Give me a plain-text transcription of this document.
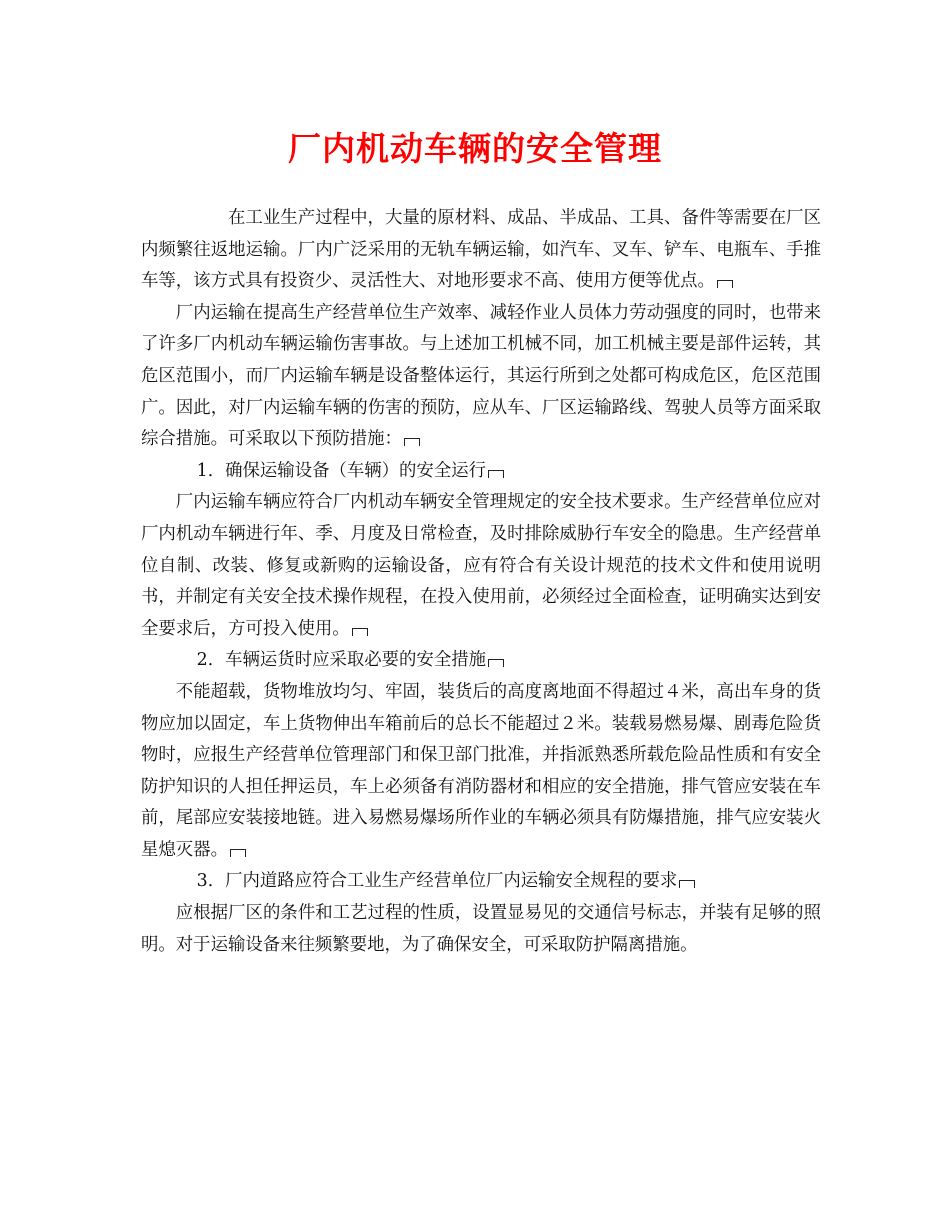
厂内机动车辆的安全管理

在工业生产过程中，大量的原材料、成品、半成品、工具、备件等需要在厂区内频繁往返地运输。厂内广泛采用的无轨车辆运输，如汽车、叉车、铲车、电瓶车、手推车等，该方式具有投资少、灵活性大、对地形要求不高、使用方便等优点。

厂内运输在提高生产经营单位生产效率、减轻作业人员体力劳动强度的同时，也带来了许多厂内机动车辆运输伤害事故。与上述加工机械不同，加工机械主要是部件运转，其危区范围小，而厂内运输车辆是设备整体运行，其运行所到之处都可构成危区，危区范围广。因此，对厂内运输车辆的伤害的预防，应从车、厂区运输路线、驾驶人员等方面采取综合措施。可采取以下预防措施：

1．确保运输设备（车辆）的安全运行

厂内运输车辆应符合厂内机动车辆安全管理规定的安全技术要求。生产经营单位应对厂内机动车辆进行年、季、月度及日常检查，及时排除威胁行车安全的隐患。生产经营单位自制、改装、修复或新购的运输设备，应有符合有关设计规范的技术文件和使用说明书，并制定有关安全技术操作规程，在投入使用前，必须经过全面检查，证明确实达到安全要求后，方可投入使用。

2．车辆运货时应采取必要的安全措施

不能超载，货物堆放均匀、牢固，装货后的高度离地面不得超过４米，高出车身的货物应加以固定，车上货物伸出车箱前后的总长不能超过２米。装载易燃易爆、剧毒危险货物时，应报生产经营单位管理部门和保卫部门批准，并指派熟悉所载危险品性质和有安全防护知识的人担任押运员，车上必须备有消防器材和相应的安全措施，排气管应安装在车前，尾部应安装接地链。进入易燃易爆场所作业的车辆必须具有防爆措施，排气应安装火星熄灭器。

3．厂内道路应符合工业生产经营单位厂内运输安全规程的要求

应根据厂区的条件和工艺过程的性质，设置显易见的交通信号标志，并装有足够的照明。对于运输设备来往频繁要地，为了确保安全，可采取防护隔离措施。
